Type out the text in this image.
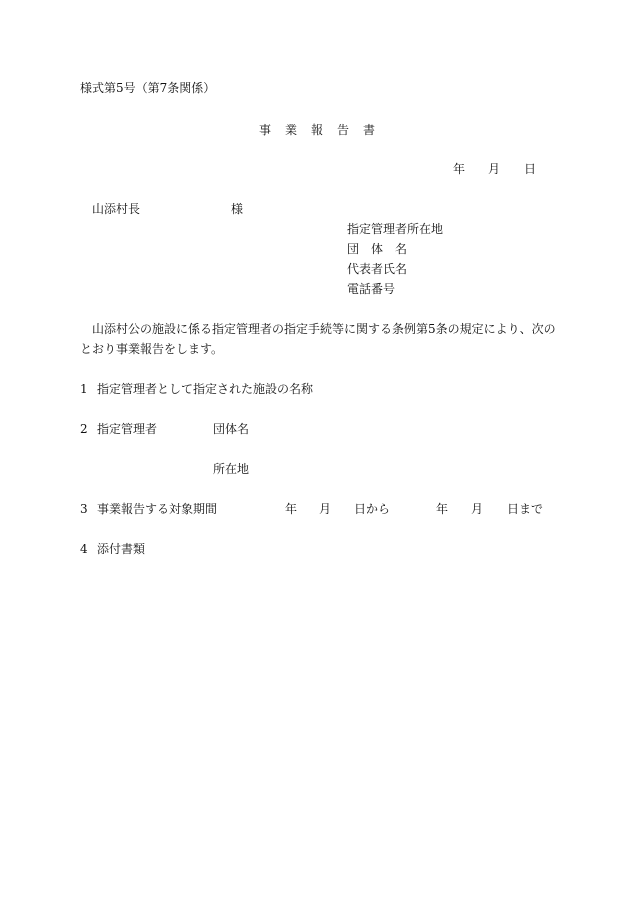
様式第5号（第7条関係）
事　業　報　告　書
年 月 日
山添村長	様
指定管理者所在地
団　体　名
代表者氏名
電話番号
山添村公の施設に係る指定管理者の指定手続等に関する条例第5条の規定により、次の
とおり事業報告をします。
1 指定管理者として指定された施設の名称
2 指定管理者	団体名
所在地
3 事業報告する対象期間	年 月 日から	年 月 日まで
4 添付書類
